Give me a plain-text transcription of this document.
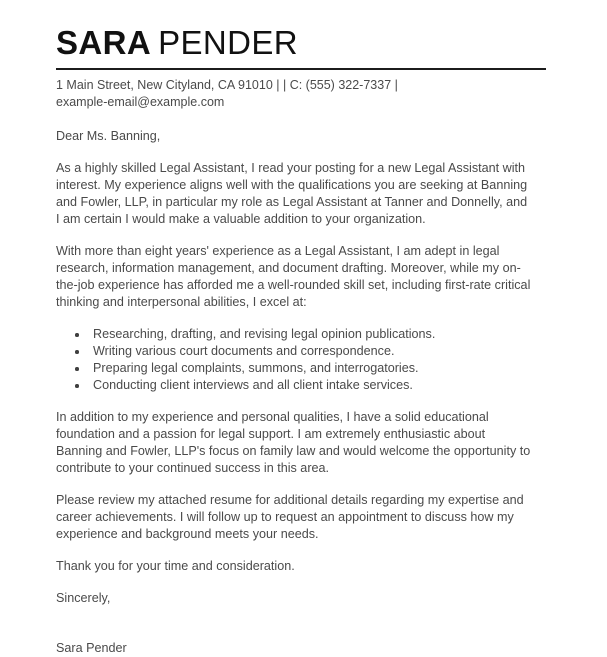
SARA PENDER
1 Main Street, New Cityland, CA 91010 | | C: (555) 322-7337 | example-email@example.com

Dear Ms. Banning,

As a highly skilled Legal Assistant, I read your posting for a new Legal Assistant with interest. My experience aligns well with the qualifications you are seeking at Banning and Fowler, LLP, in particular my role as Legal Assistant at Tanner and Donnelly, and I am certain I would make a valuable addition to your organization.

With more than eight years' experience as a Legal Assistant, I am adept in legal research, information management, and document drafting. Moreover, while my on-the-job experience has afforded me a well-rounded skill set, including first-rate critical thinking and interpersonal abilities, I excel at:

Researching, drafting, and revising legal opinion publications.
Writing various court documents and correspondence.
Preparing legal complaints, summons, and interrogatories.
Conducting client interviews and all client intake services.

In addition to my experience and personal qualities, I have a solid educational foundation and a passion for legal support. I am extremely enthusiastic about Banning and Fowler, LLP's focus on family law and would welcome the opportunity to contribute to your continued success in this area.

Please review my attached resume for additional details regarding my expertise and career achievements. I will follow up to request an appointment to discuss how my experience and background meets your needs.

Thank you for your time and consideration.

Sincerely,

Sara Pender
